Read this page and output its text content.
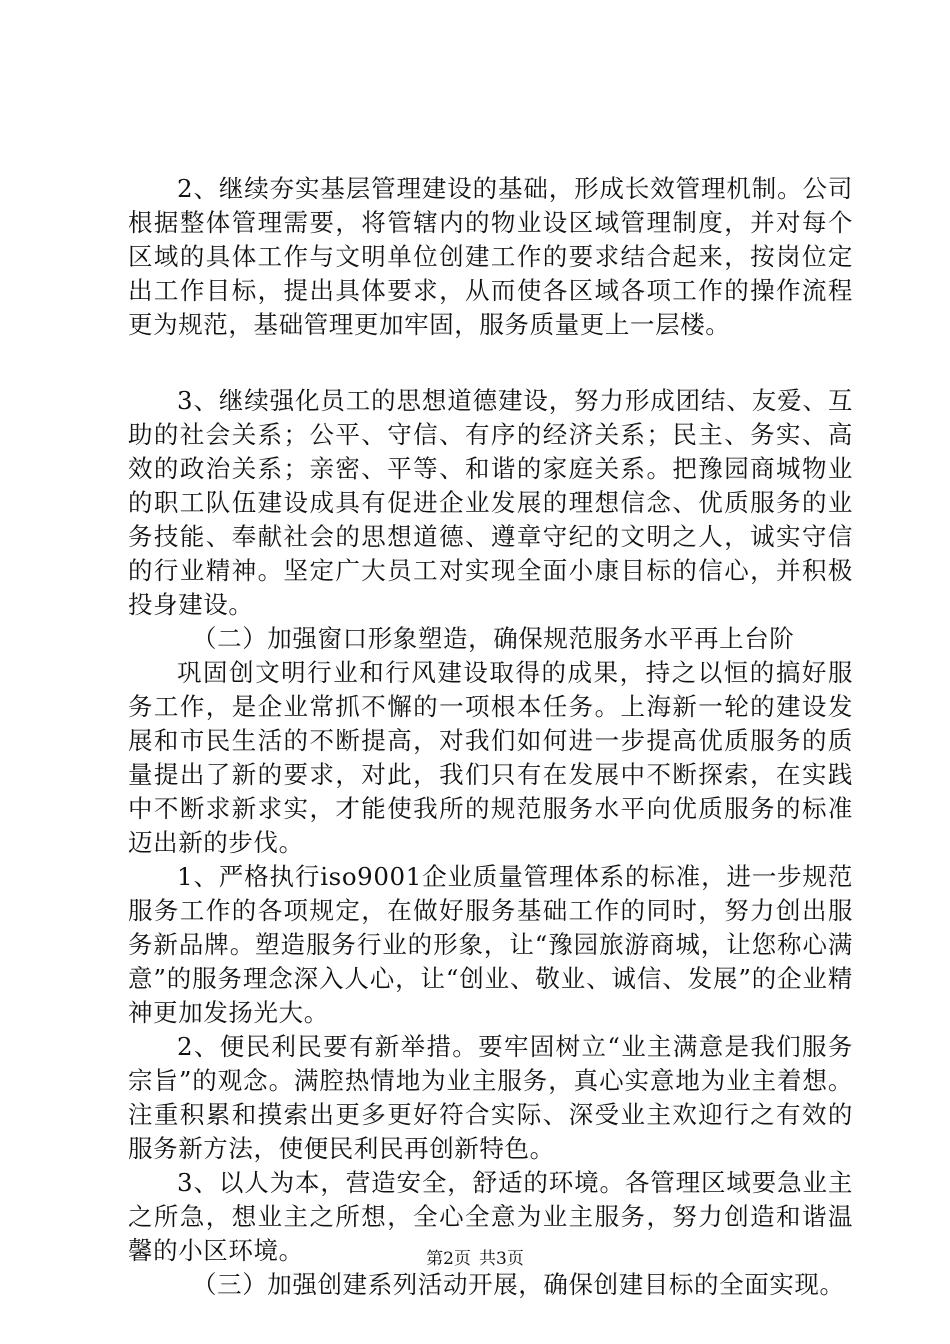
2、继续夯实基层管理建设的基础，形成长效管理机制。公司根据整体管理需要，将管辖内的物业设区域管理制度，并对每个区域的具体工作与文明单位创建工作的要求结合起来，按岗位定出工作目标，提出具体要求，从而使各区域各项工作的操作流程更为规范，基础管理更加牢固，服务质量更上一层楼。

3、继续强化员工的思想道德建设，努力形成团结、友爱、互助的社会关系；公平、守信、有序的经济关系；民主、务实、高效的政治关系；亲密、平等、和谐的家庭关系。把豫园商城物业的职工队伍建设成具有促进企业发展的理想信念、优质服务的业务技能、奉献社会的思想道德、遵章守纪的文明之人，诚实守信的行业精神。坚定广大员工对实现全面小康目标的信心，并积极投身建设。

（二）加强窗口形象塑造，确保规范服务水平再上台阶

巩固创文明行业和行风建设取得的成果，持之以恒的搞好服务工作，是企业常抓不懈的一项根本任务。上海新一轮的建设发展和市民生活的不断提高，对我们如何进一步提高优质服务的质量提出了新的要求，对此，我们只有在发展中不断探索，在实践中不断求新求实，才能使我所的规范服务水平向优质服务的标准迈出新的步伐。

1、严格执行iso9001企业质量管理体系的标准，进一步规范服务工作的各项规定，在做好服务基础工作的同时，努力创出服务新品牌。塑造服务行业的形象，让“豫园旅游商城，让您称心满意”的服务理念深入人心，让“创业、敬业、诚信、发展”的企业精神更加发扬光大。

2、便民利民要有新举措。要牢固树立“业主满意是我们服务宗旨”的观念。满腔热情地为业主服务，真心实意地为业主着想。注重积累和摸索出更多更好符合实际、深受业主欢迎行之有效的服务新方法，使便民利民再创新特色。

3、以人为本，营造安全，舒适的环境。各管理区域要急业主之所急，想业主之所想，全心全意为业主服务，努力创造和谐温馨的小区环境。

（三）加强创建系列活动开展，确保创建目标的全面实现。

第2页 共3页
